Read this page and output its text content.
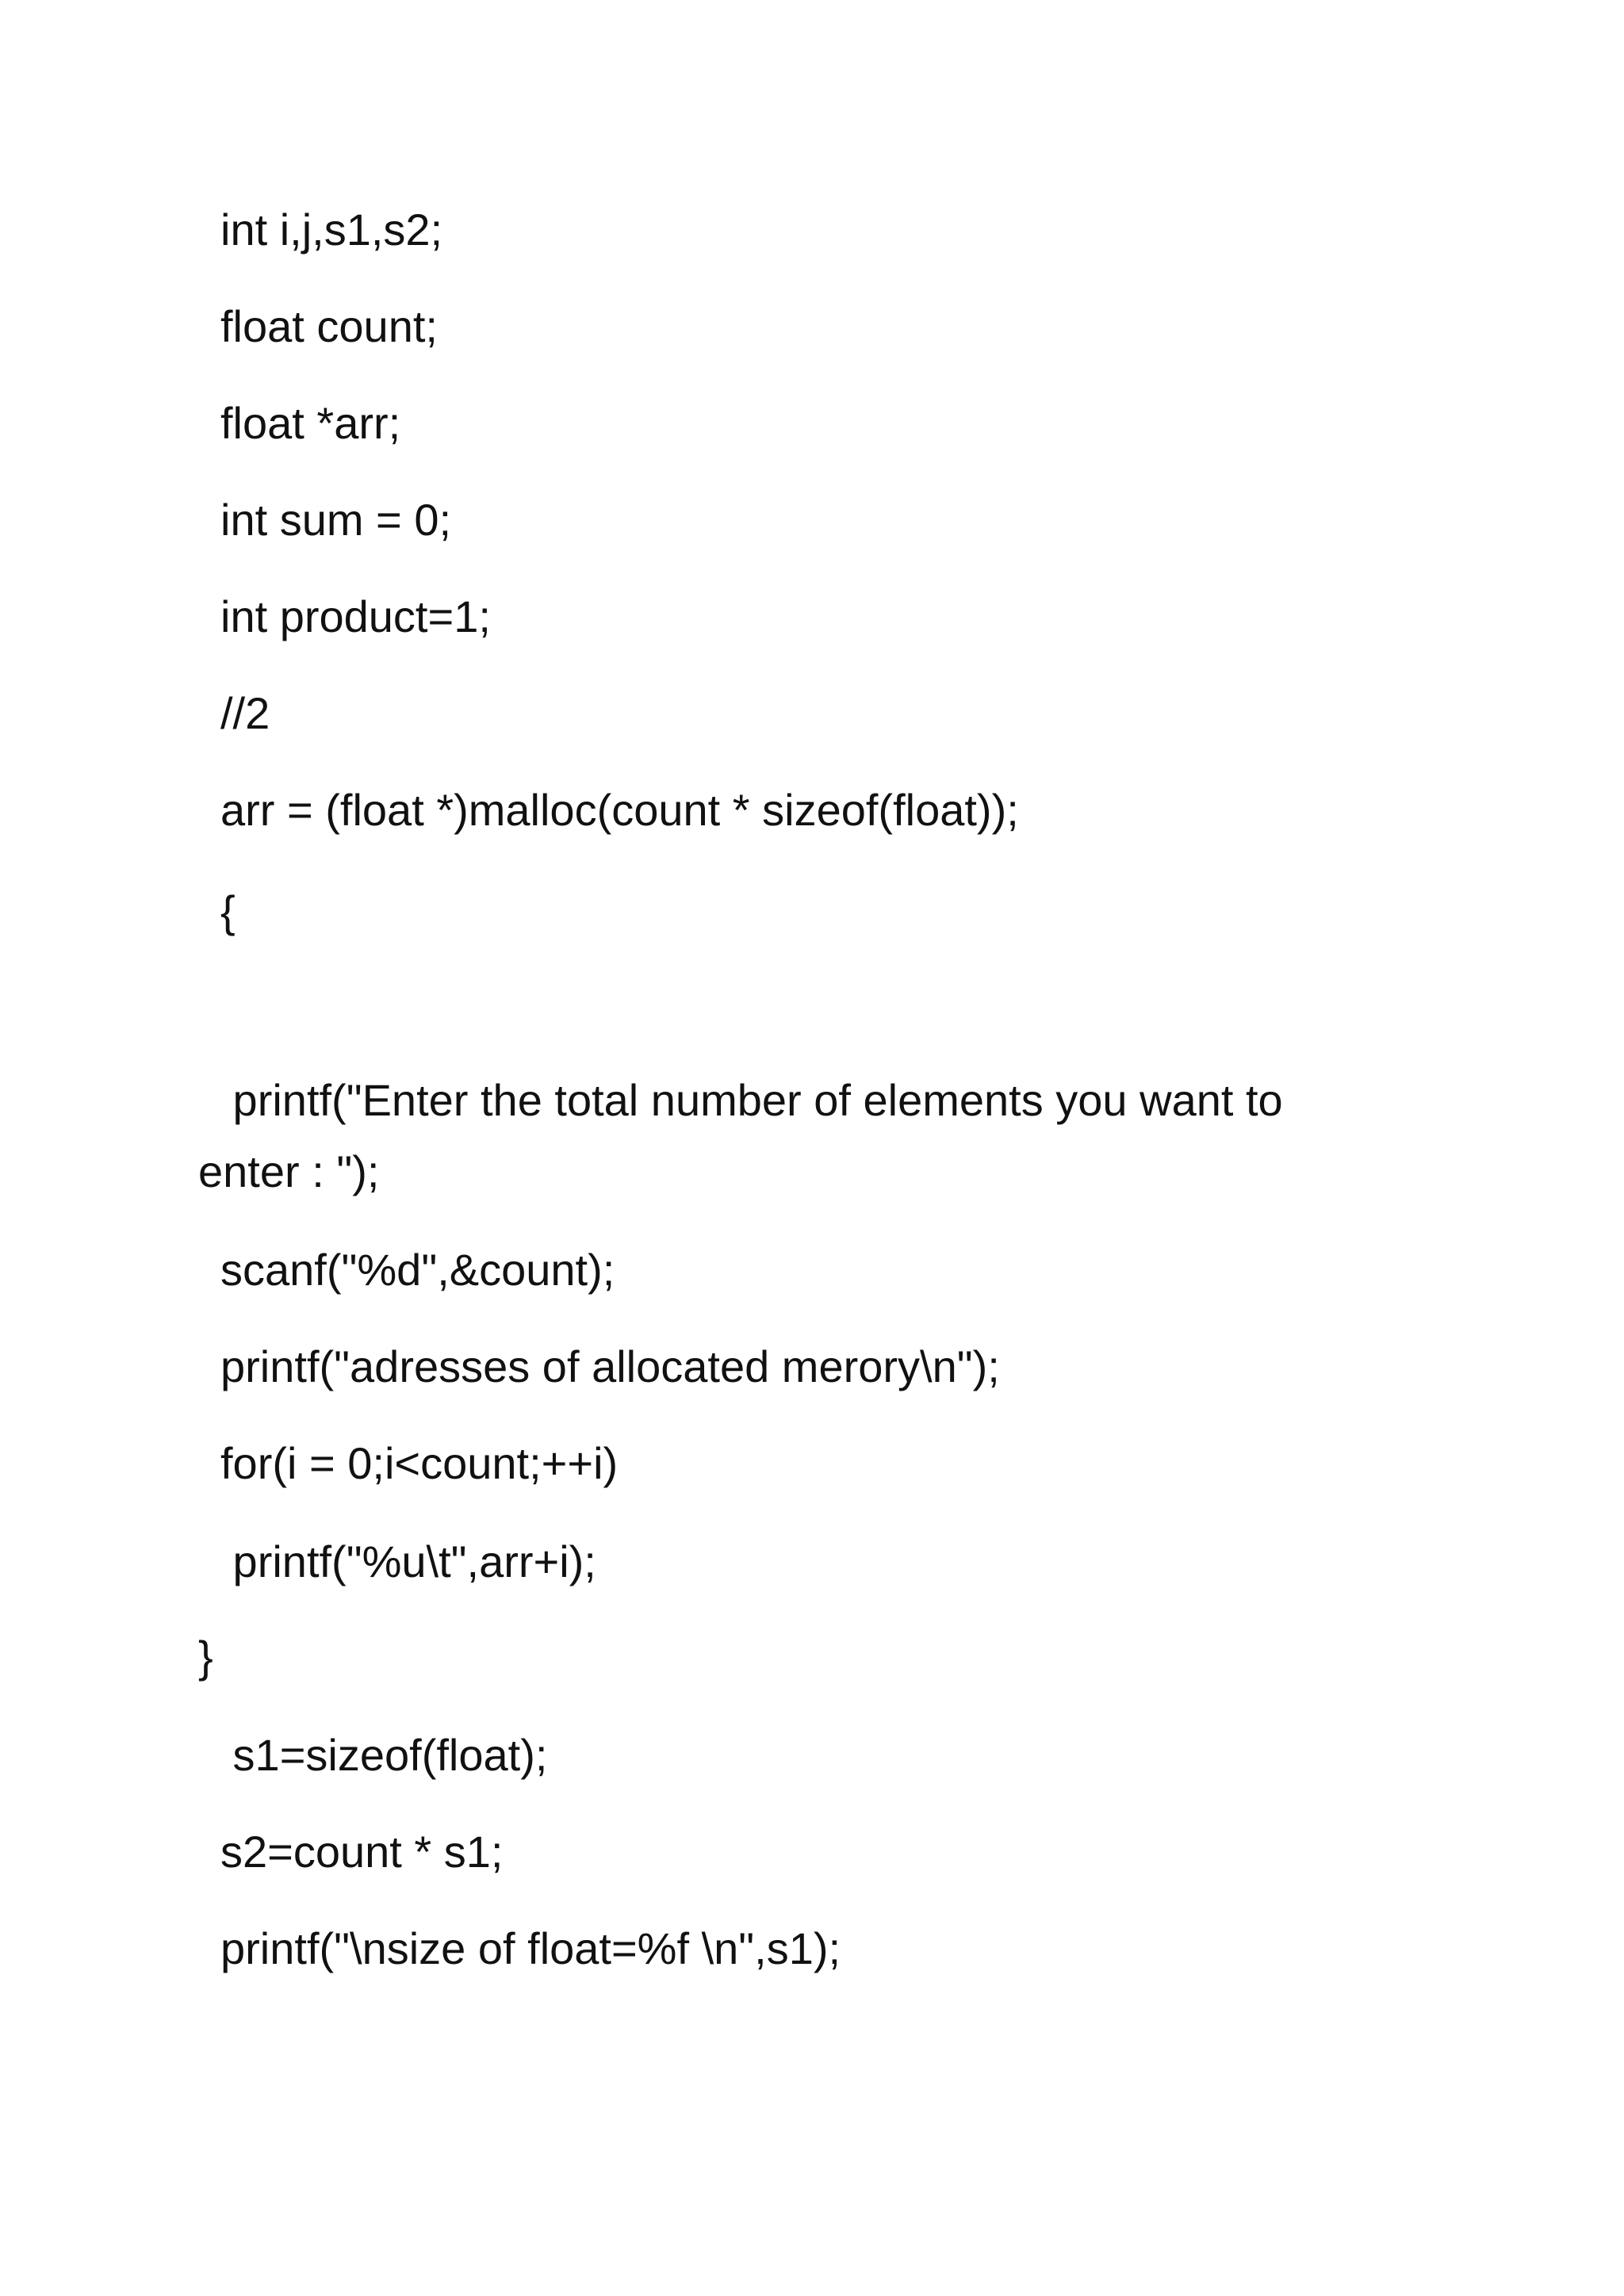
int i,j,s1,s2;
float count;
float *arr;
int sum = 0;
int product=1;
//2
arr = (float *)malloc(count * sizeof(float));
{
printf("Enter the total number of elements you want to
enter : ");
scanf("%d",&count);
printf("adresses of allocated merory\n");
for(i = 0;i<count;++i)
printf("%u\t",arr+i);
}
s1=sizeof(float);
s2=count * s1;
printf("\nsize of float=%f \n",s1);
